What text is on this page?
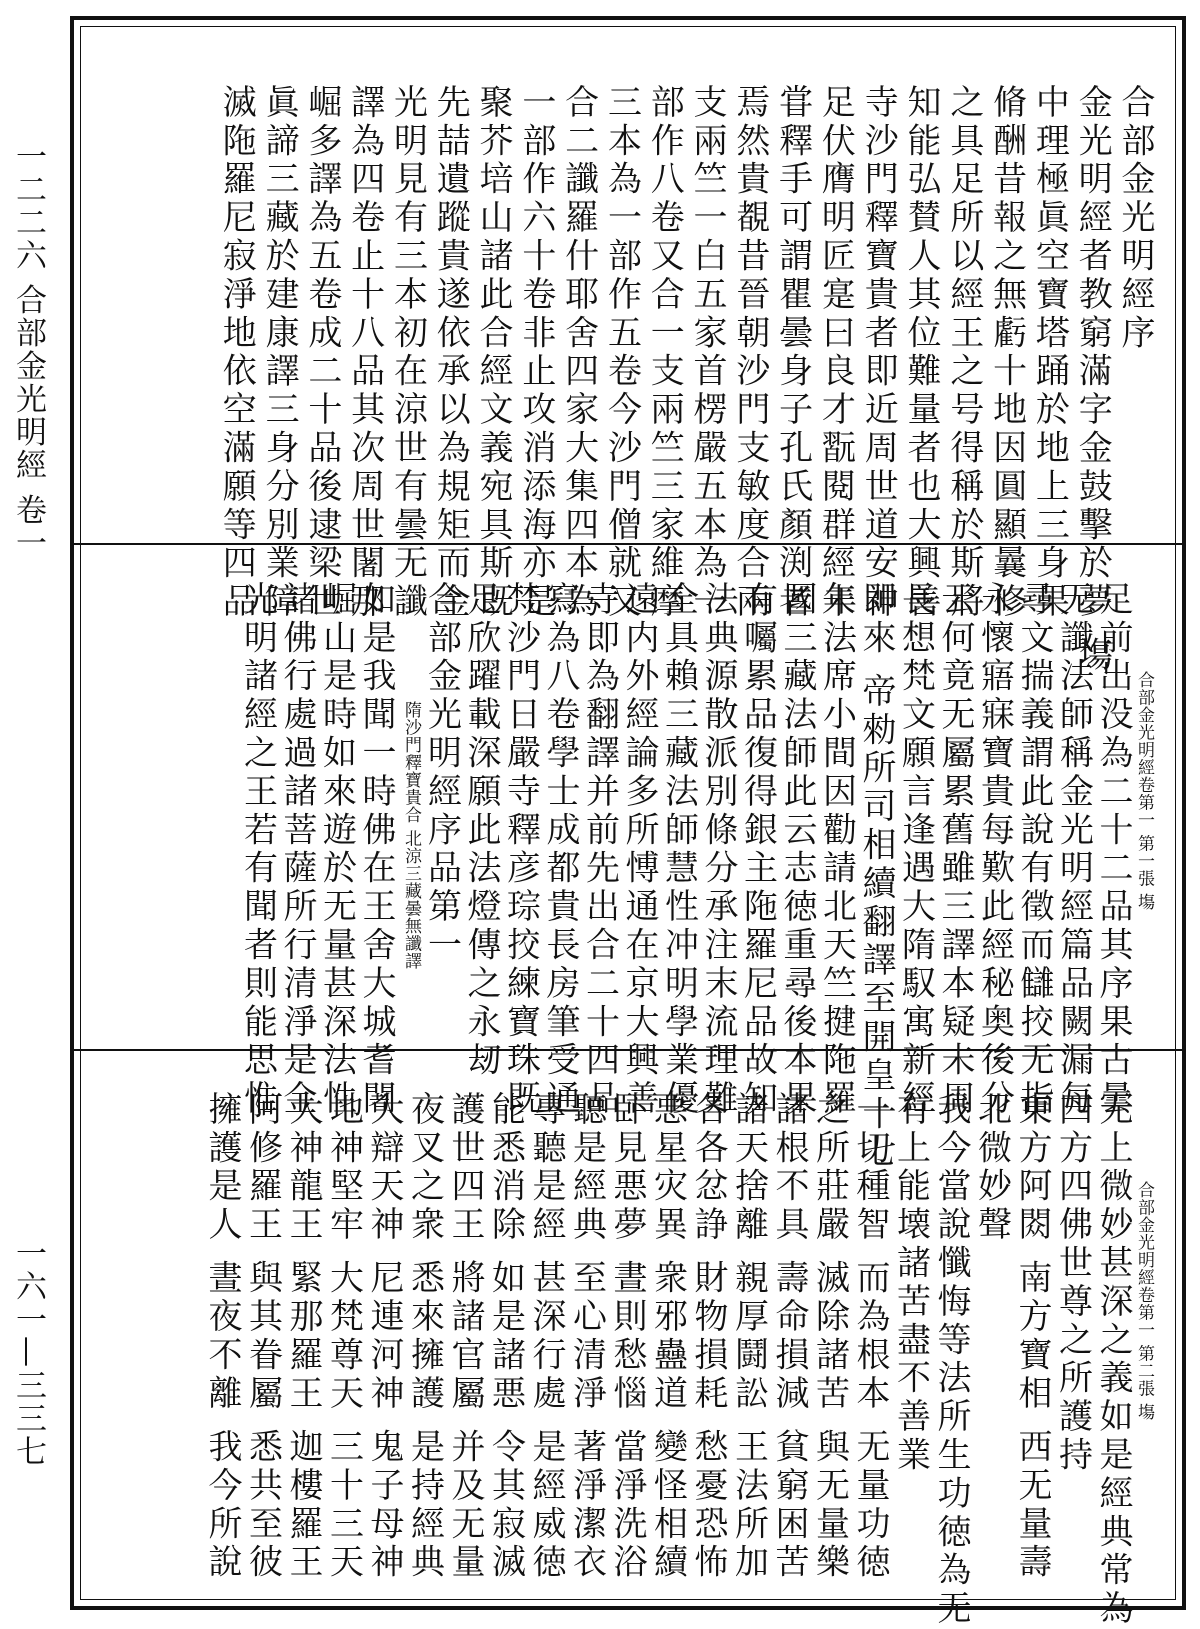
一二二六 合部金光明經 卷一
一六一—三三七
合部金光明經序
金光明經者教窮滿字金鼓擊於夢 塲
中理極眞空寶塔踊於地上三身果
脩酬昔報之無虧十地因圓顯曩修
之具足所以經王之号得稱於斯將
知能弘賛人其位難量者也大興善
寺沙門釋寶貴者即近周世道安神
足伏膺明匠寔曰良才翫閱群經未
甞釋手可謂瞿曇身子孔氏顏渕者
焉然貴覩昔晉朝沙門支敏度合兩
支兩竺一白五家首楞嚴五本為一
部作八卷又合一支兩竺三家維摩
三本為一部作五卷今沙門僧就又
合二讖羅什耶舍四家大集四本為
一部作六十卷非止攻消添海亦是
聚芥培山諸此合經文義宛具斯既
先喆遺蹤貴遂依承以為規矩而金
光明見有三本初在涼世有曇无讖
譯為四卷止十八品其次周世闍那
崛多譯為五卷成二十品後逮梁世
眞諦三藏於建康譯三身分別業障
滅陁羅尼寂淨地依空滿願等四品
合部金光明經卷第一 第一張 塲
足前出没為二十二品其序果古曇
无讖法師稱金光明經篇品闕漏每
尋文揣義謂此說有徵而讎挍无指
永懷寤寐寶貴每歎此經秘奥後分
云何竟无屬累舊雖三譯本疑未周
長想梵文願言逢遇大隋馭寓新經
即來 帝勑所司相續翻譯至開皇十七
年法席小間因勸請北天竺揵陁羅
國三藏法師此云志徳重尋後本果
有囑累品復得銀主陁羅尼品故知
法典源散派別條分承注末流理難
全具賴三藏法師慧性冲明學業優
遠内外經論多所愽通在京大興善
寺即為翻譯并前先出合二十四品
寫為八卷學士成都貴長房筆受通
梵沙門日嚴寺釋彦琮挍練寶珠既
足欣躍載深願此法燈傳之永刼
合部金光明經序品第一
隋沙門釋寶貴合 北涼三藏曇無讖譯
如是我聞一時佛在王舍大城耆闍
崛山是時如來遊於无量甚深法性
諸佛行處過諸菩薩所行清淨是金
光明諸經之王若有聞者則能思惟
合部金光明經卷第一 第二張 塲
无上微妙甚深之義如是經典常為
四方四佛世尊之所護持
東方阿閦 南方寶相 西无量壽
北微妙聲
我今當說懺悔等法所生功徳為无
有上能壊諸苦盡不善業
一切種智 而為根本 无量功徳
之所莊嚴 滅除諸苦 與无量樂
諸根不具 壽命損減 貧窮困苦
諸天捨離 親厚鬪訟 王法所加
各各忿諍 財物損耗 愁憂恐怖
悪星灾異 衆邪蠱道 變怪相續
卧見悪夢 晝則愁惱 當淨洗浴
聽是經典 至心清淨 著淨潔衣
專聽是經 甚深行處 是經威徳
能悉消除 如是諸悪 令其寂滅
護世四王 將諸官屬 并及无量
夜叉之衆 悉來擁護 是持經典
大辯天神 尼連河神 鬼子母神
地神堅牢 大梵尊天 三十三天
大神龍王 緊那羅王 迦樓羅王
阿修羅王 與其眷屬 悉共至彼
擁護是人 晝夜不離 我今所說
